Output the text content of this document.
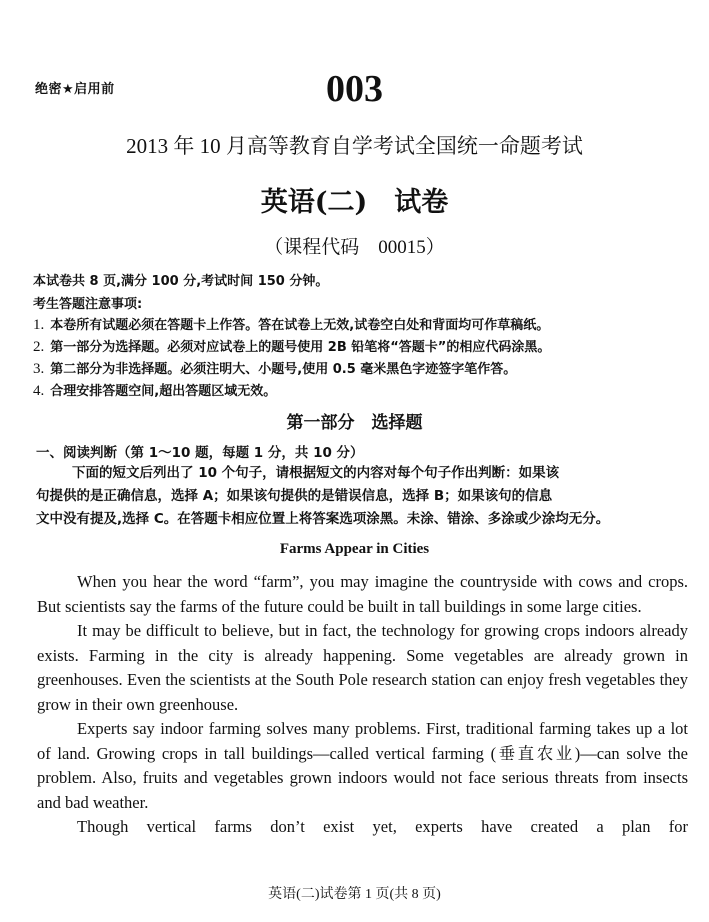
绝密★启用前	003
2013 年 10 月高等教育自学考试全国统一命题考试
英语(二)　试卷
（课程代码　00015）
本试卷共 8 页,满分 100 分,考试时间 150 分钟。
考生答题注意事项:
1. 本卷所有试题必须在答题卡上作答。答在试卷上无效,试卷空白处和背面均可作草稿纸。
2. 第一部分为选择题。必须对应试卷上的题号使用 2B 铅笔将“答题卡”的相应代码涂黑。
3. 第二部分为非选择题。必须注明大、小题号,使用 0.5 毫米黑色字迹签字笔作答。
4. 合理安排答题空间,超出答题区域无效。
第一部分　选择题
一、阅读判断（第 1～10 题，每题 1 分，共 10 分）
下面的短文后列出了 10 个句子，请根据短文的内容对每个句子作出判断：如果该
句提供的是正确信息，选择 A；如果该句提供的是错误信息，选择 B；如果该句的信息
文中没有提及,选择 C。在答题卡相应位置上将答案选项涂黑。未涂、错涂、多涂或少涂均无分。
Farms Appear in Cities

When you hear the word “farm”, you may imagine the countryside with cows and crops. But scientists say the farms of the future could be built in tall buildings in some large cities.

It may be difficult to believe, but in fact, the technology for growing crops indoors already exists. Farming in the city is already happening. Some vegetables are already grown in greenhouses. Even the scientists at the South Pole research station can enjoy fresh vegetables they grow in their own greenhouse.

Experts say indoor farming solves many problems. First, traditional farming takes up a lot of land. Growing crops in tall buildings—called vertical farming (垂直农业)—can solve the problem. Also, fruits and vegetables grown indoors would not face serious threats from insects and bad weather.

Though vertical farms don’t exist yet, experts have created a plan for

英语(二)试卷第 1 页(共 8 页)
